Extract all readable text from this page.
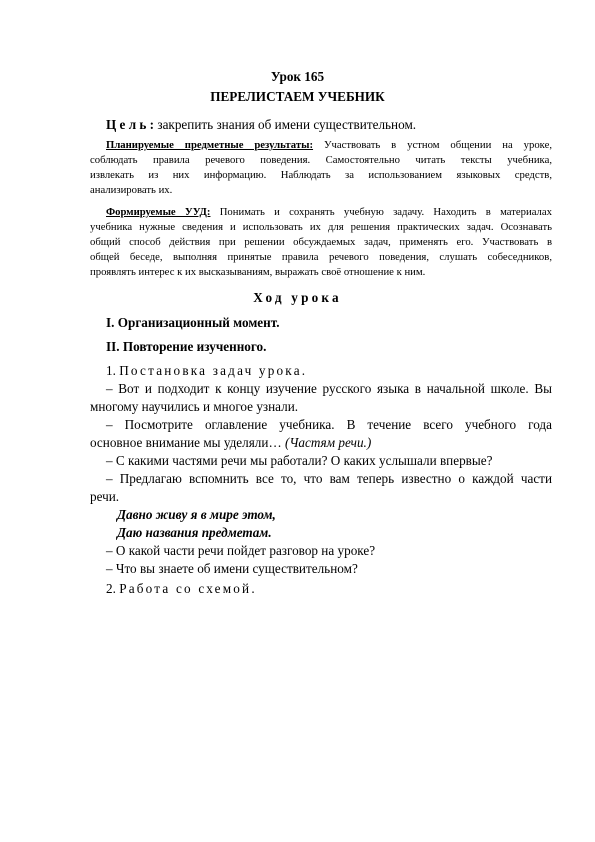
Урок 165
ПЕРЕЛИСТАЕМ УЧЕБНИК
Ц е л ь : закрепить знания об имени существительном.
Планируемые предметные результаты: Участвовать в устном общении на уроке,
соблюдать правила речевого поведения. Самостоятельно читать тексты учебника,
извлекать из них информацию. Наблюдать за использованием языковых средств,
анализировать их.
Формируемые УУД: Понимать и сохранять учебную задачу. Находить в материалах
учебника нужные сведения и использовать их для решения практических задач. Осознавать
общий способ действия при решении обсуждаемых задач, применять его. Участвовать в
общей беседе, выполняя принятые правила речевого поведения, слушать собеседников,
проявлять интерес к их высказываниям, выражать своё отношение к ним.
Ход урока
I. Организационный момент.
II. Повторение изученного.
1. Постановка задач урока.
– Вот и подходит к концу изучение русского языка в начальной школе. Вы
многому научились и многое узнали.
– Посмотрите оглавление учебника. В течение всего учебного года
основное внимание мы уделяли… (Частям речи.)
– С какими частями речи мы работали? О каких услышали впервые?
– Предлагаю вспомнить все то, что вам теперь известно о каждой части
речи.
Давно живу я в мире этом,
Даю названия предметам.
– О какой части речи пойдет разговор на уроке?
– Что вы знаете об имени существительном?
2. Работа со схемой.
